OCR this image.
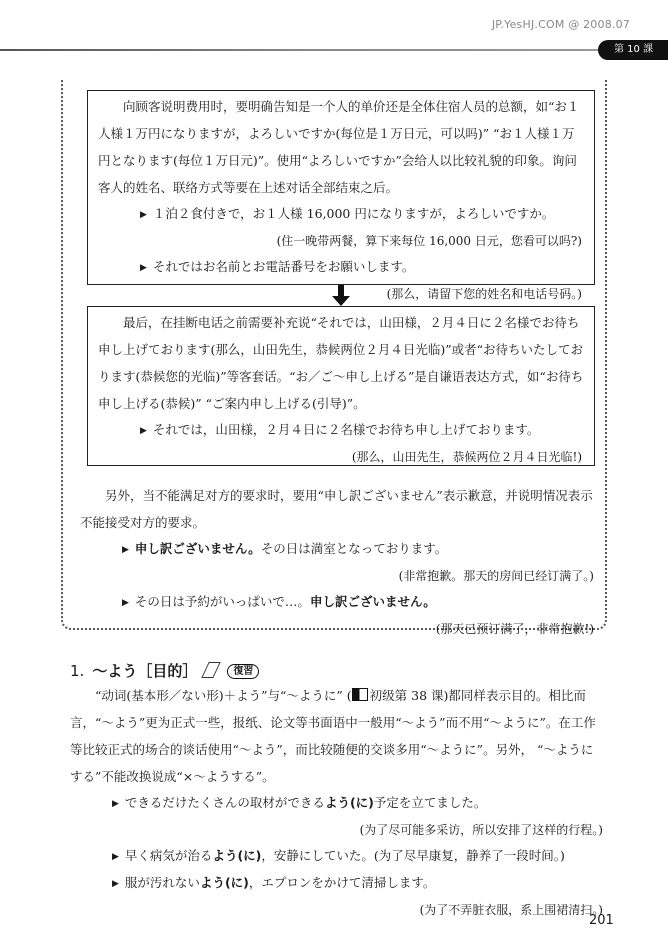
JP.YesHJ.COM @ 2008.07
第 10 課

向顾客说明费用时，要明确告知是一个人的单价还是全体住宿人员的总额，如“お１人様１万円になりますが，よろしいですか(每位是１万日元，可以吗)” “お１人様１万円となります(每位１万日元)”。使用“よろしいですか”会给人以比较礼貌的印象。询问客人的姓名、联络方式等要在上述对话全部结束之后。

▶ １泊２食付きで，お１人様 16,000 円になりますが，よろしいですか。
(住一晚带两餐，算下来每位 16,000 日元，您看可以吗?)
▶ それではお名前とお電話番号をお願いします。
(那么，请留下您的姓名和电话号码。)

最后，在挂断电话之前需要补充说“それでは，山田様，２月４日に２名様でお待ち申し上げております(那么，山田先生，恭候两位２月４日光临)”或者“お待ちいたしております(恭候您的光临)”等客套话。“お／ご～申し上げる”是自谦语表达方式，如“お待ち申し上げる(恭候)” “ご案内申し上げる(引导)”。

▶ それでは，山田様，２月４日に２名様でお待ち申し上げております。
(那么，山田先生，恭候两位２月４日光临!)

另外，当不能满足对方的要求时，要用“申し訳ございません”表示歉意，并说明情况表示不能接受对方的要求。

▶ 申し訳ございません。その日は満室となっております。
(非常抱歉。那天的房间已经订满了。)
▶ その日は予約がいっぱいで…。申し訳ございません。
(那天已预订满了，非常抱歉!)
1. ～よう［目的］	復習

“动词(基本形／ない形)＋よう”与“～ように” ( 初级第 38 课)都同样表示目的。相比而言，“～よう”更为正式一些，报纸、论文等书面语中一般用“～よう”而不用“～ように”。在工作等比较正式的场合的谈话使用“～よう”，而比较随便的交谈多用“～ように”。另外， “～ようにする”不能改换说成“×～ようする”。

▶ できるだけたくさんの取材ができるよう(に)予定を立てました。
(为了尽可能多采访，所以安排了这样的行程。)
▶ 早く病気が治るよう(に)，安静にしていた。(为了尽早康复，静养了一段时间。)
▶ 服が汚れないよう(に)，エプロンをかけて清掃します。
(为了不弄脏衣服，系上围裙清扫。)
201
